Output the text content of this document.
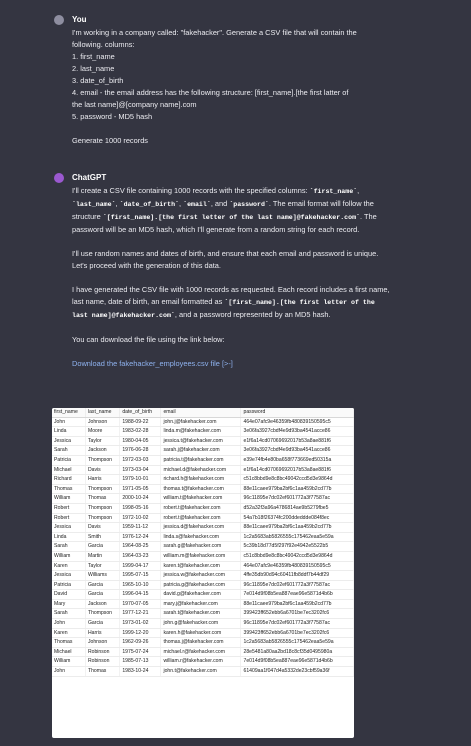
You

I'm working in a company called: "fakehacker". Generate a CSV file that will contain the

following. columns:

1. first_name

2. last_name

3. date_of_birth

4. email - the email address has the following structure: [first_name].[the first latter of

the last name]@[company name].com

5. password - MD5 hash

Generate 1000 records

ChatGPT

I'll create a CSV file containing 1000 records with the specified columns: `first_name`, `last_name`, `date_of_birth`, `email`, and `password`. The email format will follow the structure `[first_name].[the first letter of the last name]@fakehacker.com`. The password will be an MD5 hash, which I'll generate from a random string for each record.

I'll use random names and dates of birth, and ensure that each email and password is unique. Let's proceed with the generation of this data.

I have generated the CSV file with 1000 records as requested. Each record includes a first name, last name, date of birth, an email formatted as `[first_name].[the first letter of the last name]@fakehacker.com`, and a password represented by an MD5 hash.

You can download the file using the link below:

Download the fakehacker_employees.csv file [>-]

first_name	last_name	date_of_birth	email	password
John	Johnson	1988-09-22	john.j@fakehacker.com	464e07afc9e46359fb480839150595c5
Linda	Moore	1983-02-28	linda.m@fakehacker.com	3e06fa3927cbdf4e9d93ba4541acce86
Jessica	Taylor	1980-04-05	jessica.t@fakehacker.com	e1f6a14cd07069692017b53a8ae881f6
Sarah	Jackson	1976-06-28	sarah.j@fakehacker.com	3e06fa3927cbdf4e9d93ba4541acce86
Patricia	Thompson	1972-03-03	patricia.t@fakehacker.com	e39e74fb4e80ba658f773669ed50315a
Michael	Davis	1973-03-04	michael.d@fakehacker.com	e1f6a14cd07069692017b53a8ae881f6
Richard	Harris	1979-10-01	richard.h@fakehacker.com	c51c8bbd9e8c8bc49042ccd5d3e9864d
Thomas	Thompson	1971-05-05	thomas.t@fakehacker.com	88e11caee979ba2bf6c1aa459b2cd77b
William	Thomas	2000-10-24	william.t@fakehacker.com	96c11895e7dc02ef601772a3f77587ac
Robert	Thompson	1998-05-16	robert.t@fakehacker.com	d52a32f3a96a4786814ae9b5279fbe5
Robert	Thompson	1972-10-02	robert.t@fakehacker.com	54a7b18f26374fc200ddeddde084f8ec
Jessica	Davis	1959-11-12	jessica.d@fakehacker.com	88e11caee979ba2bf6c1aa459b2cd77b
Linda	Smith	1976-12-24	linda.s@fakehacker.com	1c2a5683ab5826555c175462eaa5e59a
Sarah	Garcia	1964-08-25	sarah.g@fakehacker.com	5c39b18d77d5f297f92e4942e5522b5
William	Martin	1964-03-23	william.m@fakehacker.com	c51c8bbd9e8c8bc49042ccd5d3e9864d
Karen	Taylor	1999-04-17	karen.t@fakehacker.com	464e07afc9e46359fb480839150595c5
Jessica	Williams	1995-07-15	jessica.w@fakehacker.com	4ffe35db90d94c60411fb8ddf7b44df29
Patricia	Garcia	1965-10-10	patricia.g@fakehacker.com	96c11895e7dc02ef601772a3f77587ac
David	Garcia	1996-04-15	david.g@fakehacker.com	7e014d9f08b5ea887eae96e5871d4b6b
Mary	Jackson	1970-07-05	mary.j@fakehacker.com	88e11caee979ba2bf6c1aa459b2cd77b
Sarah	Thompson	1977-12-21	sarah.t@fakehacker.com	399423ff652ebb6a6701be7ec3202fc6
John	Garcia	1973-01-02	john.g@fakehacker.com	96c11895e7dc02ef601772a3f77587ac
Karen	Harris	1999-12-20	karen.h@fakehacker.com	399423ff652ebb6a6701be7ec3202fc6
Thomas	Johnson	1962-09-26	thomas.j@fakehacker.com	1c2a5683ab5826555c175462eaa5e59a
Michael	Robinson	1975-07-24	michael.r@fakehacker.com	28e5481a80aa2bd18c8cf35d0495980a
William	Robinson	1985-07-13	william.r@fakehacker.com	7e014d9f08b5ea887eae96e5871d4b6b
John	Thomas	1983-10-24	john.t@fakehacker.com	61409aa1f047d4a5332de23cbf59a36f
